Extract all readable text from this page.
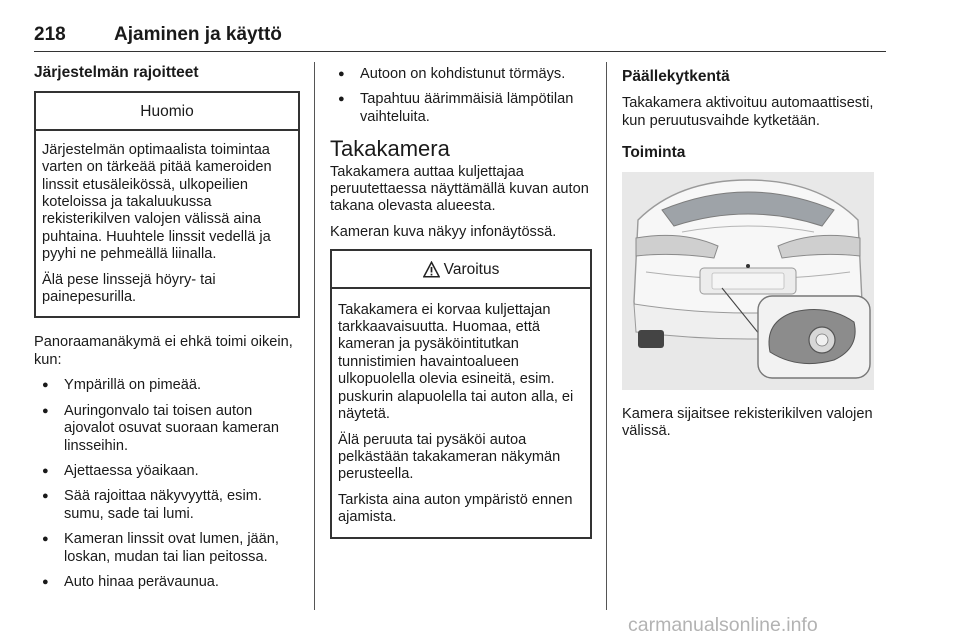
218	Ajaminen ja käyttö
Järjestelmän rajoitteet
Huomio

Järjestelmän optimaalista toimintaa varten on tärkeää pitää kameroiden linssit etusäleikössä, ulkopeilien koteloissa ja takaluukussa rekisterikilven valojen välissä aina puhtaina. Huuhtele linssit vedellä ja pyyhi ne pehmeällä liinalla.

Älä pese linssejä höyry- tai painepesurilla.

Panoraamanäkymä ei ehkä toimi oikein, kun:

● Ympärillä on pimeää.
● Auringonvalo tai toisen auton ajovalot osuvat suoraan kameran linsseihin.
● Ajettaessa yöaikaan.
● Sää rajoittaa näkyvyyttä, esim. sumu, sade tai lumi.
● Kameran linssit ovat lumen, jään, loskan, mudan tai lian peitossa.
● Auto hinaa perävaunua.
● Autoon on kohdistunut törmäys.
● Tapahtuu äärimmäisiä lämpötilan vaihteluita.
Takakamera

Takakamera auttaa kuljettajaa peruutettaessa näyttämällä kuvan auton takana olevasta alueesta.

Kameran kuva näkyy infonäytössä.

Varoitus

Takakamera ei korvaa kuljettajan tarkkaavaisuutta. Huomaa, että kameran ja pysäköintitutkan tunnistimien havaintoalueen ulkopuolella olevia esineitä, esim. puskurin alapuolella tai auton alla, ei näytetä.

Älä peruuta tai pysäköi autoa pelkästään takakameran näkymän perusteella.

Tarkista aina auton ympäristö ennen ajamista.

Päällekytkentä

Takakamera aktivoituu automaattisesti, kun peruutusvaihde kytketään.

Toiminta

Kamera sijaitsee rekisterikilven valojen välissä.

carmanualsonline.info
